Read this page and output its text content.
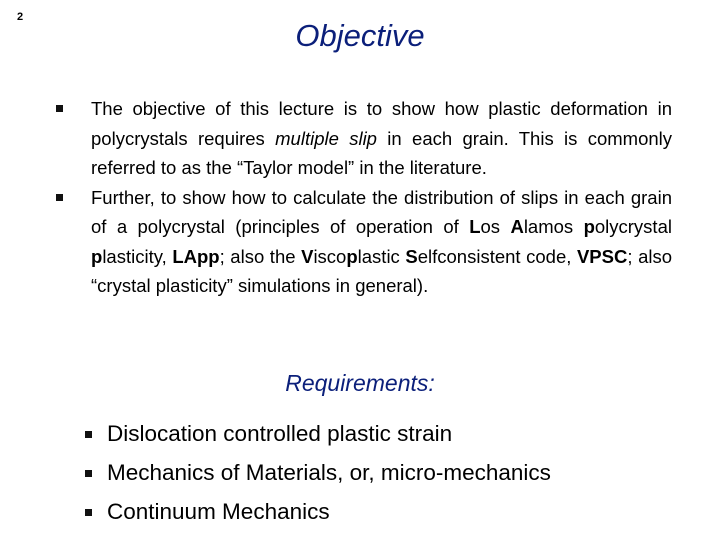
2
Objective
The objective of this lecture is to show how plastic deformation in polycrystals requires multiple slip in each grain. This is commonly referred to as the “Taylor model” in the literature.
Further, to show how to calculate the distribution of slips in each grain of a polycrystal (principles of operation of Los Alamos polycrystal plasticity, LApp; also the Viscoplastic Selfconsistent code, VPSC; also “crystal plasticity” simulations in general).
Requirements:
Dislocation controlled plastic strain
Mechanics of Materials, or, micro-mechanics
Continuum Mechanics
